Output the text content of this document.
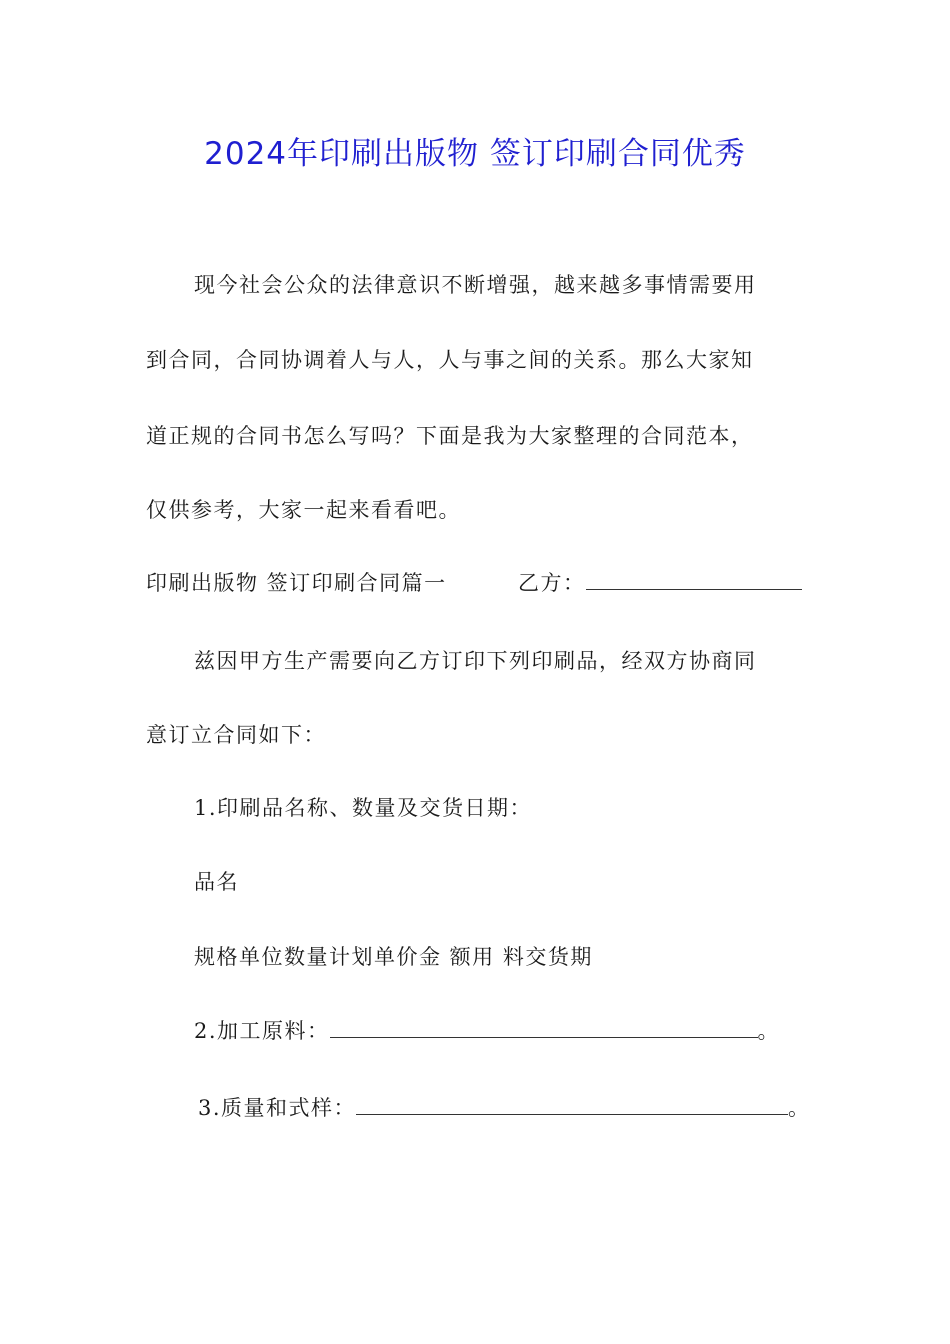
2024年印刷出版物 签订印刷合同优秀
现今社会公众的法律意识不断增强，越来越多事情需要用
到合同，合同协调着人与人，人与事之间的关系。那么大家知
道正规的合同书怎么写吗？下面是我为大家整理的合同范本，
仅供参考，大家一起来看看吧。
印刷出版物 签订印刷合同篇一	乙方：
兹因甲方生产需要向乙方订印下列印刷品，经双方协商同
意订立合同如下：
1.印刷品名称、数量及交货日期：
品名
规格单位数量计划单价金 额用 料交货期
2.加工原料：	。
3.质量和式样：	。
